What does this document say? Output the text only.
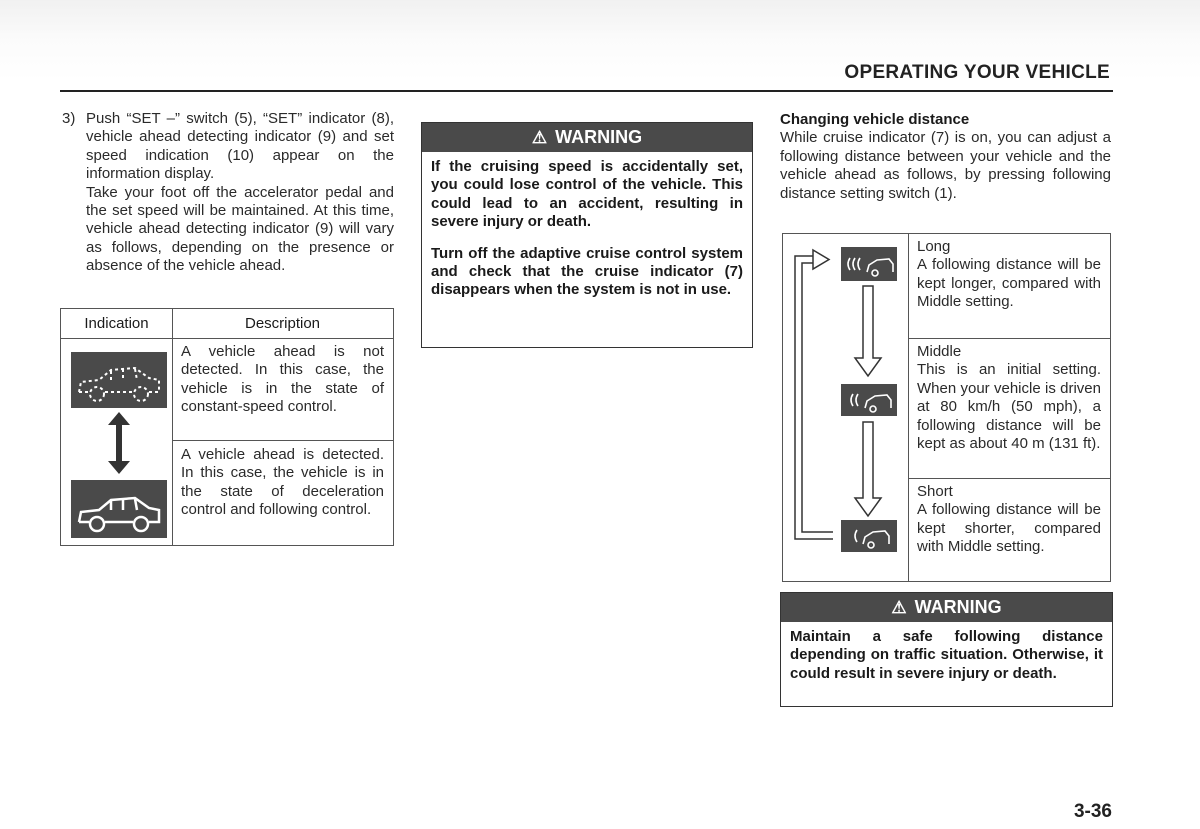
OPERATING YOUR VEHICLE
3) Push “SET –” switch (5), “SET” indicator (8), vehicle ahead detecting indicator (9) and set speed indication (10) appear on the information display.

Take your foot off the accelerator pedal and the set speed will be maintained. At this time, vehicle ahead detecting indicator (9) will vary as follows, depending on the presence or absence of the vehicle ahead.

Indication	Description
A vehicle ahead is not detected. In this case, the vehicle is in the state of constant-speed control.
A vehicle ahead is detected. In this case, the vehicle is in the state of deceleration control and following control.
⚠ WARNING

If the cruising speed is accidentally set, you could lose control of the vehicle. This could lead to an accident, resulting in severe injury or death.

Turn off the adaptive cruise control system and check that the cruise indicator (7) disappears when the system is not in use.

Changing vehicle distance
While cruise indicator (7) is on, you can adjust a following distance between your vehicle and the vehicle ahead as follows, by pressing following distance setting switch (1).
Long
A following distance will be kept longer, compared with Middle setting.
Middle
This is an initial setting. When your vehicle is driven at 80 km/h (50 mph), a following distance will be kept as about 40 m (131 ft).
Short
A following distance will be kept shorter, compared with Middle setting.
⚠ WARNING

Maintain a safe following distance depending on traffic situation. Otherwise, it could result in severe injury or death.

3-36
